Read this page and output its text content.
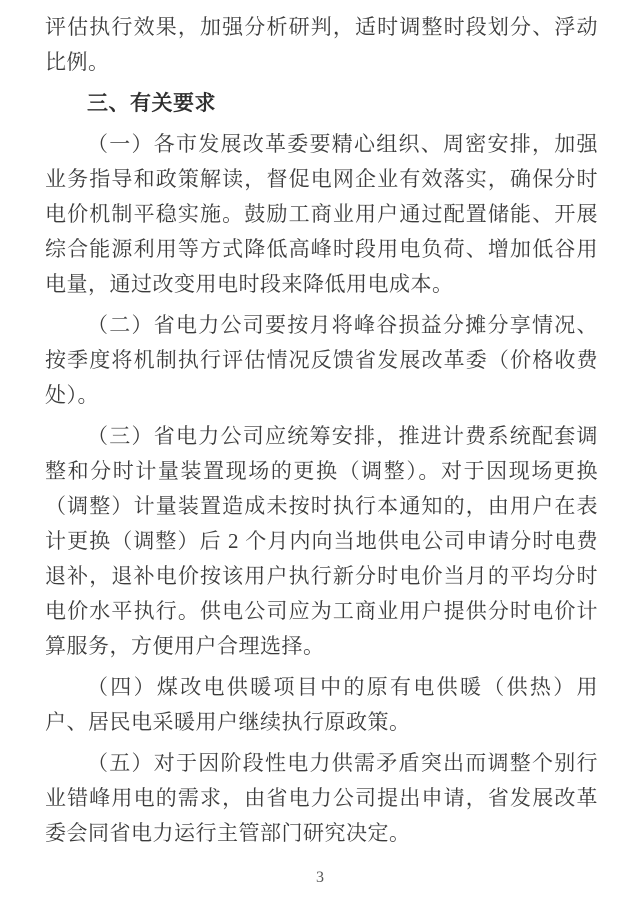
评估执行效果，加强分析研判，适时调整时段划分、浮动比例。

三、有关要求

（一）各市发展改革委要精心组织、周密安排，加强业务指导和政策解读，督促电网企业有效落实，确保分时电价机制平稳实施。鼓励工商业用户通过配置储能、开展综合能源利用等方式降低高峰时段用电负荷、增加低谷用电量，通过改变用电时段来降低用电成本。

（二）省电力公司要按月将峰谷损益分摊分享情况、按季度将机制执行评估情况反馈省发展改革委（价格收费处）。

（三）省电力公司应统筹安排，推进计费系统配套调整和分时计量装置现场的更换（调整）。对于因现场更换（调整）计量装置造成未按时执行本通知的，由用户在表计更换（调整）后 2 个月内向当地供电公司申请分时电费退补，退补电价按该用户执行新分时电价当月的平均分时电价水平执行。供电公司应为工商业用户提供分时电价计算服务，方便用户合理选择。

（四）煤改电供暖项目中的原有电供暖（供热）用户、居民电采暖用户继续执行原政策。

（五）对于因阶段性电力供需矛盾突出而调整个别行业错峰用电的需求，由省电力公司提出申请，省发展改革委会同省电力运行主管部门研究决定。

3
